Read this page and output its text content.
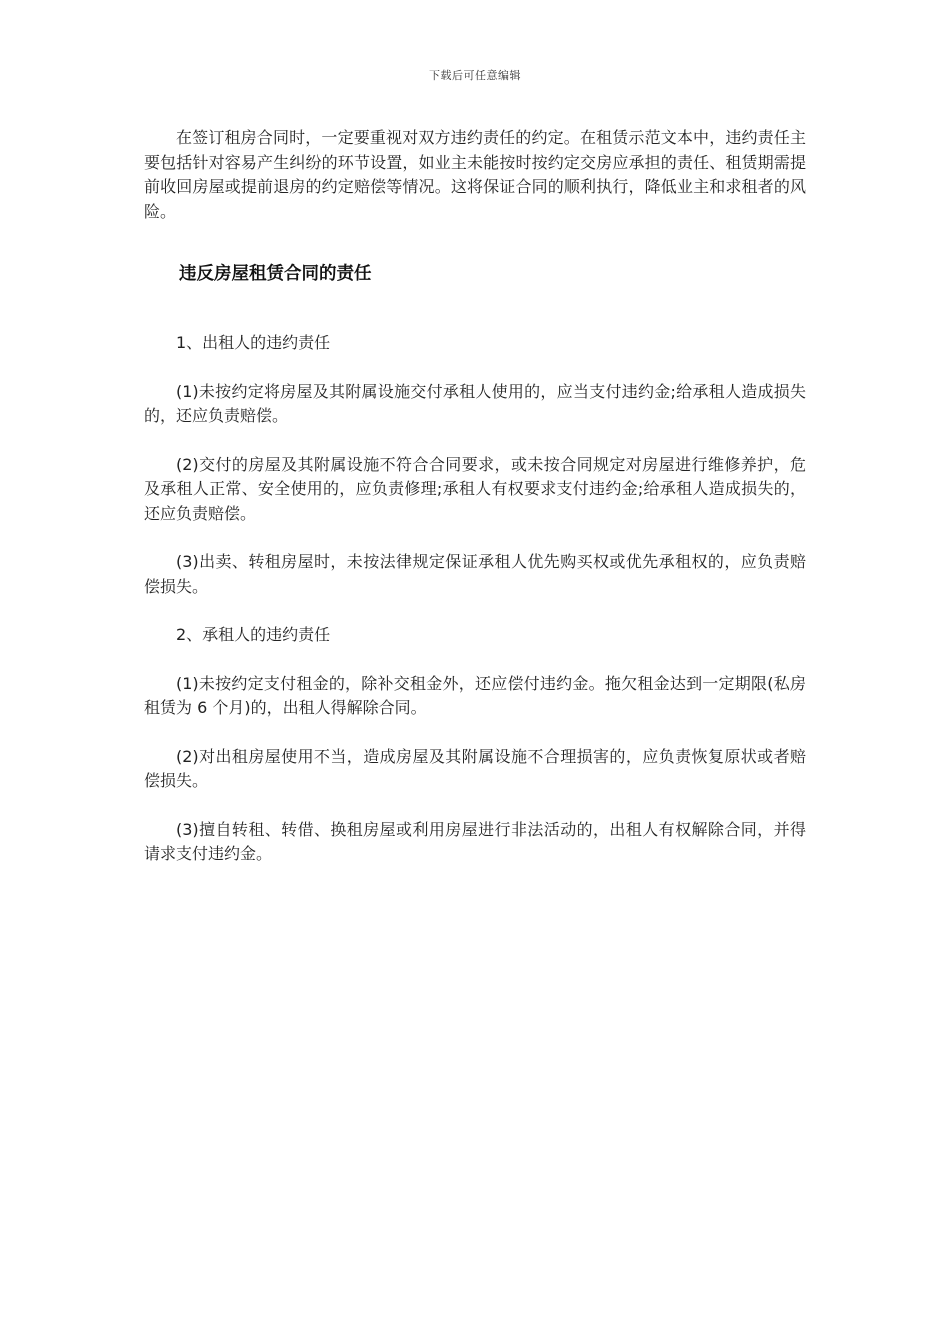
下载后可任意编辑

在签订租房合同时，一定要重视对双方违约责任的约定。在租赁示范文本中，违约责任主要包括针对容易产生纠纷的环节设置，如业主未能按时按约定交房应承担的责任、租赁期需提前收回房屋或提前退房的约定赔偿等情况。这将保证合同的顺利执行，降低业主和求租者的风险。

违反房屋租赁合同的责任

1、出租人的违约责任

(1)未按约定将房屋及其附属设施交付承租人使用的，应当支付违约金;给承租人造成损失的，还应负责赔偿。

(2)交付的房屋及其附属设施不符合合同要求，或未按合同规定对房屋进行维修养护，危及承租人正常、安全使用的，应负责修理;承租人有权要求支付违约金;给承租人造成损失的，还应负责赔偿。

(3)出卖、转租房屋时，未按法律规定保证承租人优先购买权或优先承租权的，应负责赔偿损失。

2、承租人的违约责任

(1)未按约定支付租金的，除补交租金外，还应偿付违约金。拖欠租金达到一定期限(私房租赁为 6 个月)的，出租人得解除合同。

(2)对出租房屋使用不当，造成房屋及其附属设施不合理损害的，应负责恢复原状或者赔偿损失。

(3)擅自转租、转借、换租房屋或利用房屋进行非法活动的，出租人有权解除合同，并得请求支付违约金。
